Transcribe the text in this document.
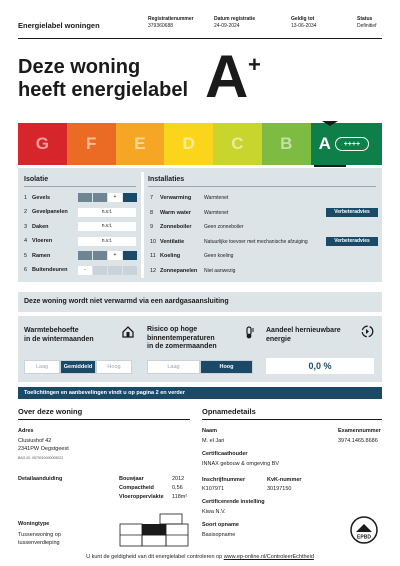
Energielabel woningen
Registratienummer
379360688
Datum registratie
24-09-2024
Geldig tot
13-06-2034
Status
Definitief
Deze woning
heeft energielabel A +
G	F	E	D	C	B	A	++++
Isolatie	Installaties
1 Gevels	+
2 Gevelpanelen	n.v.t.
3 Daken	n.v.t.
4 Vloeren	n.v.t.
5 Ramen	+
6 Buitendeuren	-
7	Verwarming	Warmtenet
8	Warm water	Warmtenet	Verbeteradvies
9	Zonneboiler	Geen zonneboiler
10 Ventilatie	Natuurlijke toevoer met mechanische afzuiging	Verbeteradvies
11 Koeling	Geen koeling
12 Zonnepanelen	Niet aanwezig
Deze woning wordt niet verwarmd via een aardgasaansluiting
Warmtebehoefte
in de wintermaanden
Laag	Gemiddeld	Hoog
Risico op hoge
binnentemperaturen
in de zomermaanden
Laag	Hoog
Aandeel hernieuwbare
energie
0,0 %
Toelichtingen en aanbevelingen vindt u op pagina 2 en verder
Over deze woning
Adres
Clusiushof 42
2341PW Oegstgeest
BAG-ID: 0579010000005022
Detailaanduiding	Bouwjaar	2012
Compactheid	0,56
Vloeroppervlakte 118m²
Woningtype
Tussenwoning op
tussenverdieping
Opnamedetails
Naam
M. el Jari
Examennummer
3974.1465.8686
Certificaathouder
INNAX gebouw & omgeving BV
Inschrijfnummer
K107971
KvK-nummer
30197150
Certificerende instelling
Kiwa N.V.
Soort opname
Basisopname	EPBD
U kunt de geldigheid van dit energielabel controleren op www.ep-online.nl/ControleerEchtheid
